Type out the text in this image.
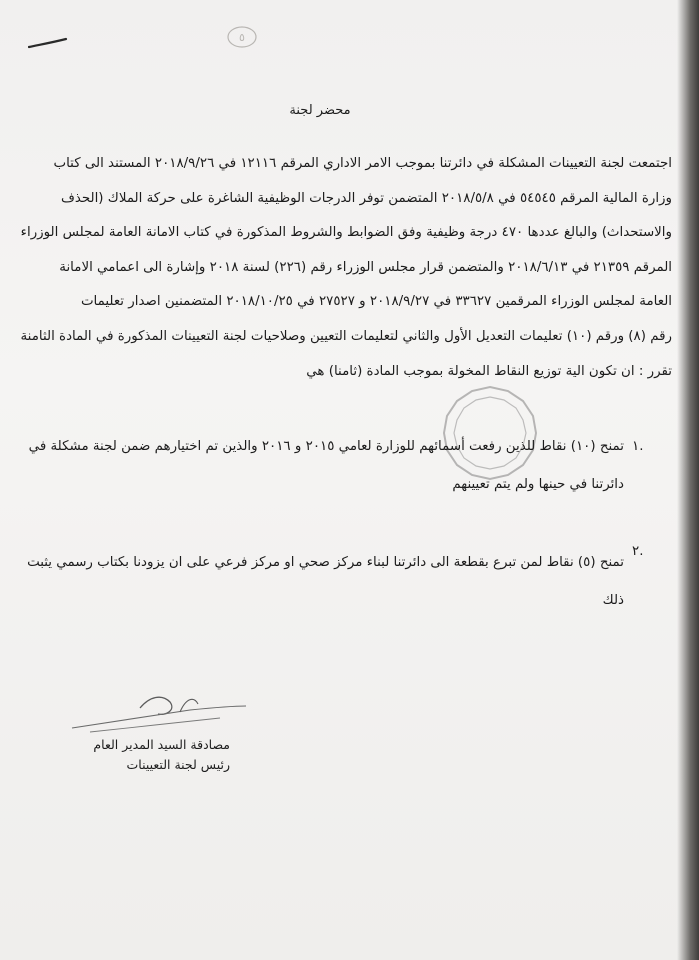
٥
محضر لجنة
اجتمعت لجنة التعيينات المشكلة في دائرتنا بموجب الامر الاداري المرقم ١٢١١٦ في ٢٠١٨/٩/٢٦ المستند الى كتاب
وزارة المالية المرقم ٥٤٥٤٥ في ٢٠١٨/٥/٨ المتضمن توفر الدرجات الوظيفية الشاغرة على حركة الملاك (الحذف
والاستحداث) والبالغ عددها ٤٧٠ درجة وظيفية وفق الضوابط والشروط المذكورة في كتاب الامانة العامة لمجلس الوزراء
المرقم ٢١٣٥٩ في ٢٠١٨/٦/١٣ والمتضمن قرار مجلس الوزراء رقم (٢٢٦) لسنة ٢٠١٨ وإشارة الى اعمامي الامانة
العامة لمجلس الوزراء المرقمين ٣٣٦٢٧ في ٢٠١٨/٩/٢٧ و ٢٧٥٢٧ في ٢٠١٨/١٠/٢٥ المتضمنين اصدار تعليمات
رقم (٨) ورقم (١٠) تعليمات التعديل الأول والثاني لتعليمات التعيين وصلاحيات لجنة التعيينات المذكورة في المادة الثامنة
تقرر : ان تكون الية توزيع النقاط المخولة بموجب المادة (ثامنا) هي
١.
تمنح (١٠) نقاط للذين رفعت أسمائهم للوزارة لعامي ٢٠١٥ و ٢٠١٦ والذين تم اختيارهم ضمن لجنة مشكلة في
دائرتنا في حينها ولم يتم تعيينهم
٢.
تمنح (٥) نقاط لمن تبرع بقطعة الى دائرتنا لبناء مركز صحي او مركز فرعي على ان يزودنا بكتاب رسمي يثبت
ذلك
مصادقة السيد المدير العام
رئيس لجنة التعيينات
